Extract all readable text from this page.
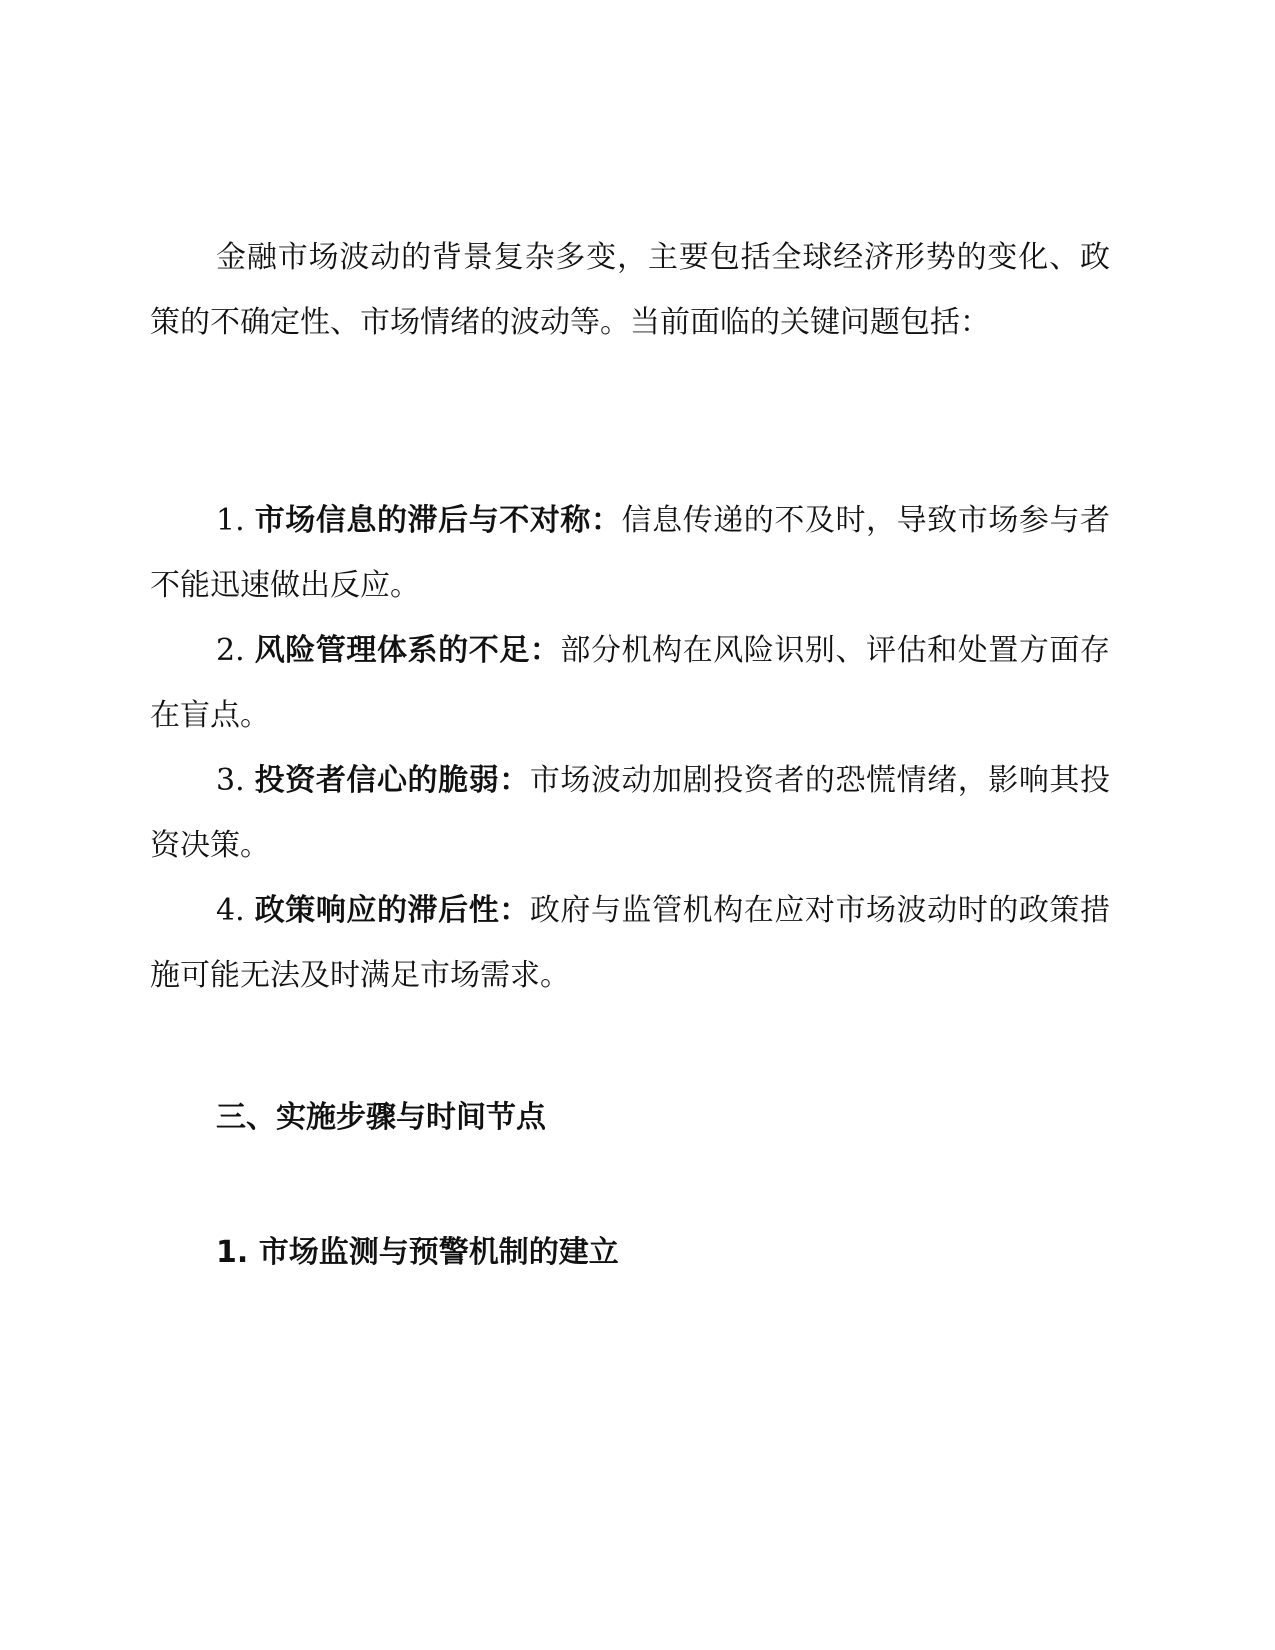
金融市场波动的背景复杂多变，主要包括全球经济形势的变化、政策的不确定性、市场情绪的波动等。当前面临的关键问题包括：

1. 市场信息的滞后与不对称：信息传递的不及时，导致市场参与者不能迅速做出反应。

2. 风险管理体系的不足：部分机构在风险识别、评估和处置方面存在盲点。

3. 投资者信心的脆弱：市场波动加剧投资者的恐慌情绪，影响其投资决策。

4. 政策响应的滞后性：政府与监管机构在应对市场波动时的政策措施可能无法及时满足市场需求。

三、实施步骤与时间节点
1. 市场监测与预警机制的建立
